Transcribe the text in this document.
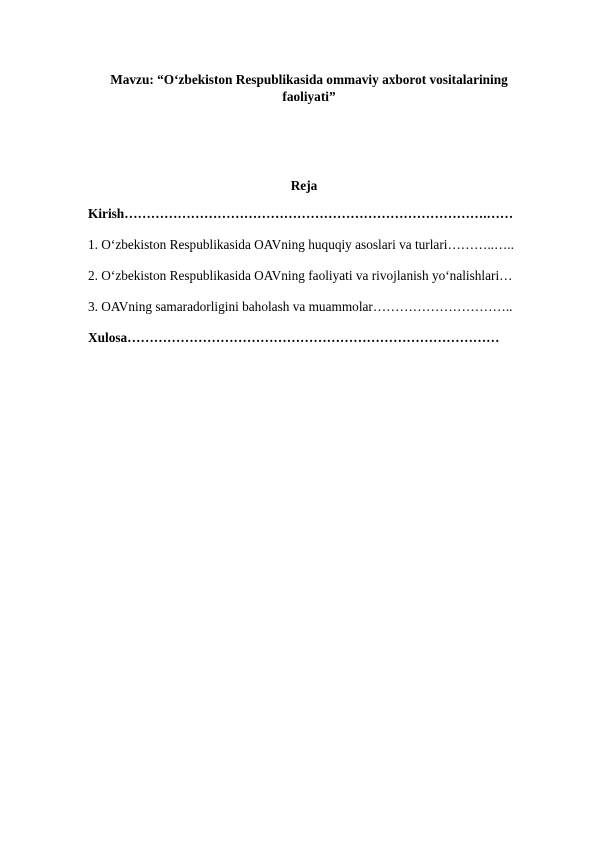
Mavzu: “O‘zbekiston Respublikasida ommaviy axborot vositalarining faoliyati”
Reja
Kirish……………………………………………………………………….……
1. O‘zbekiston Respublikasida OAVning huquqiy asoslari va turlari………..…..
2. O‘zbekiston Respublikasida OAVning faoliyati va rivojlanish yo‘nalishlari…
3. OAVning samaradorligini baholash va muammolar…………………………..
Xulosa…………………………………………………………………………
